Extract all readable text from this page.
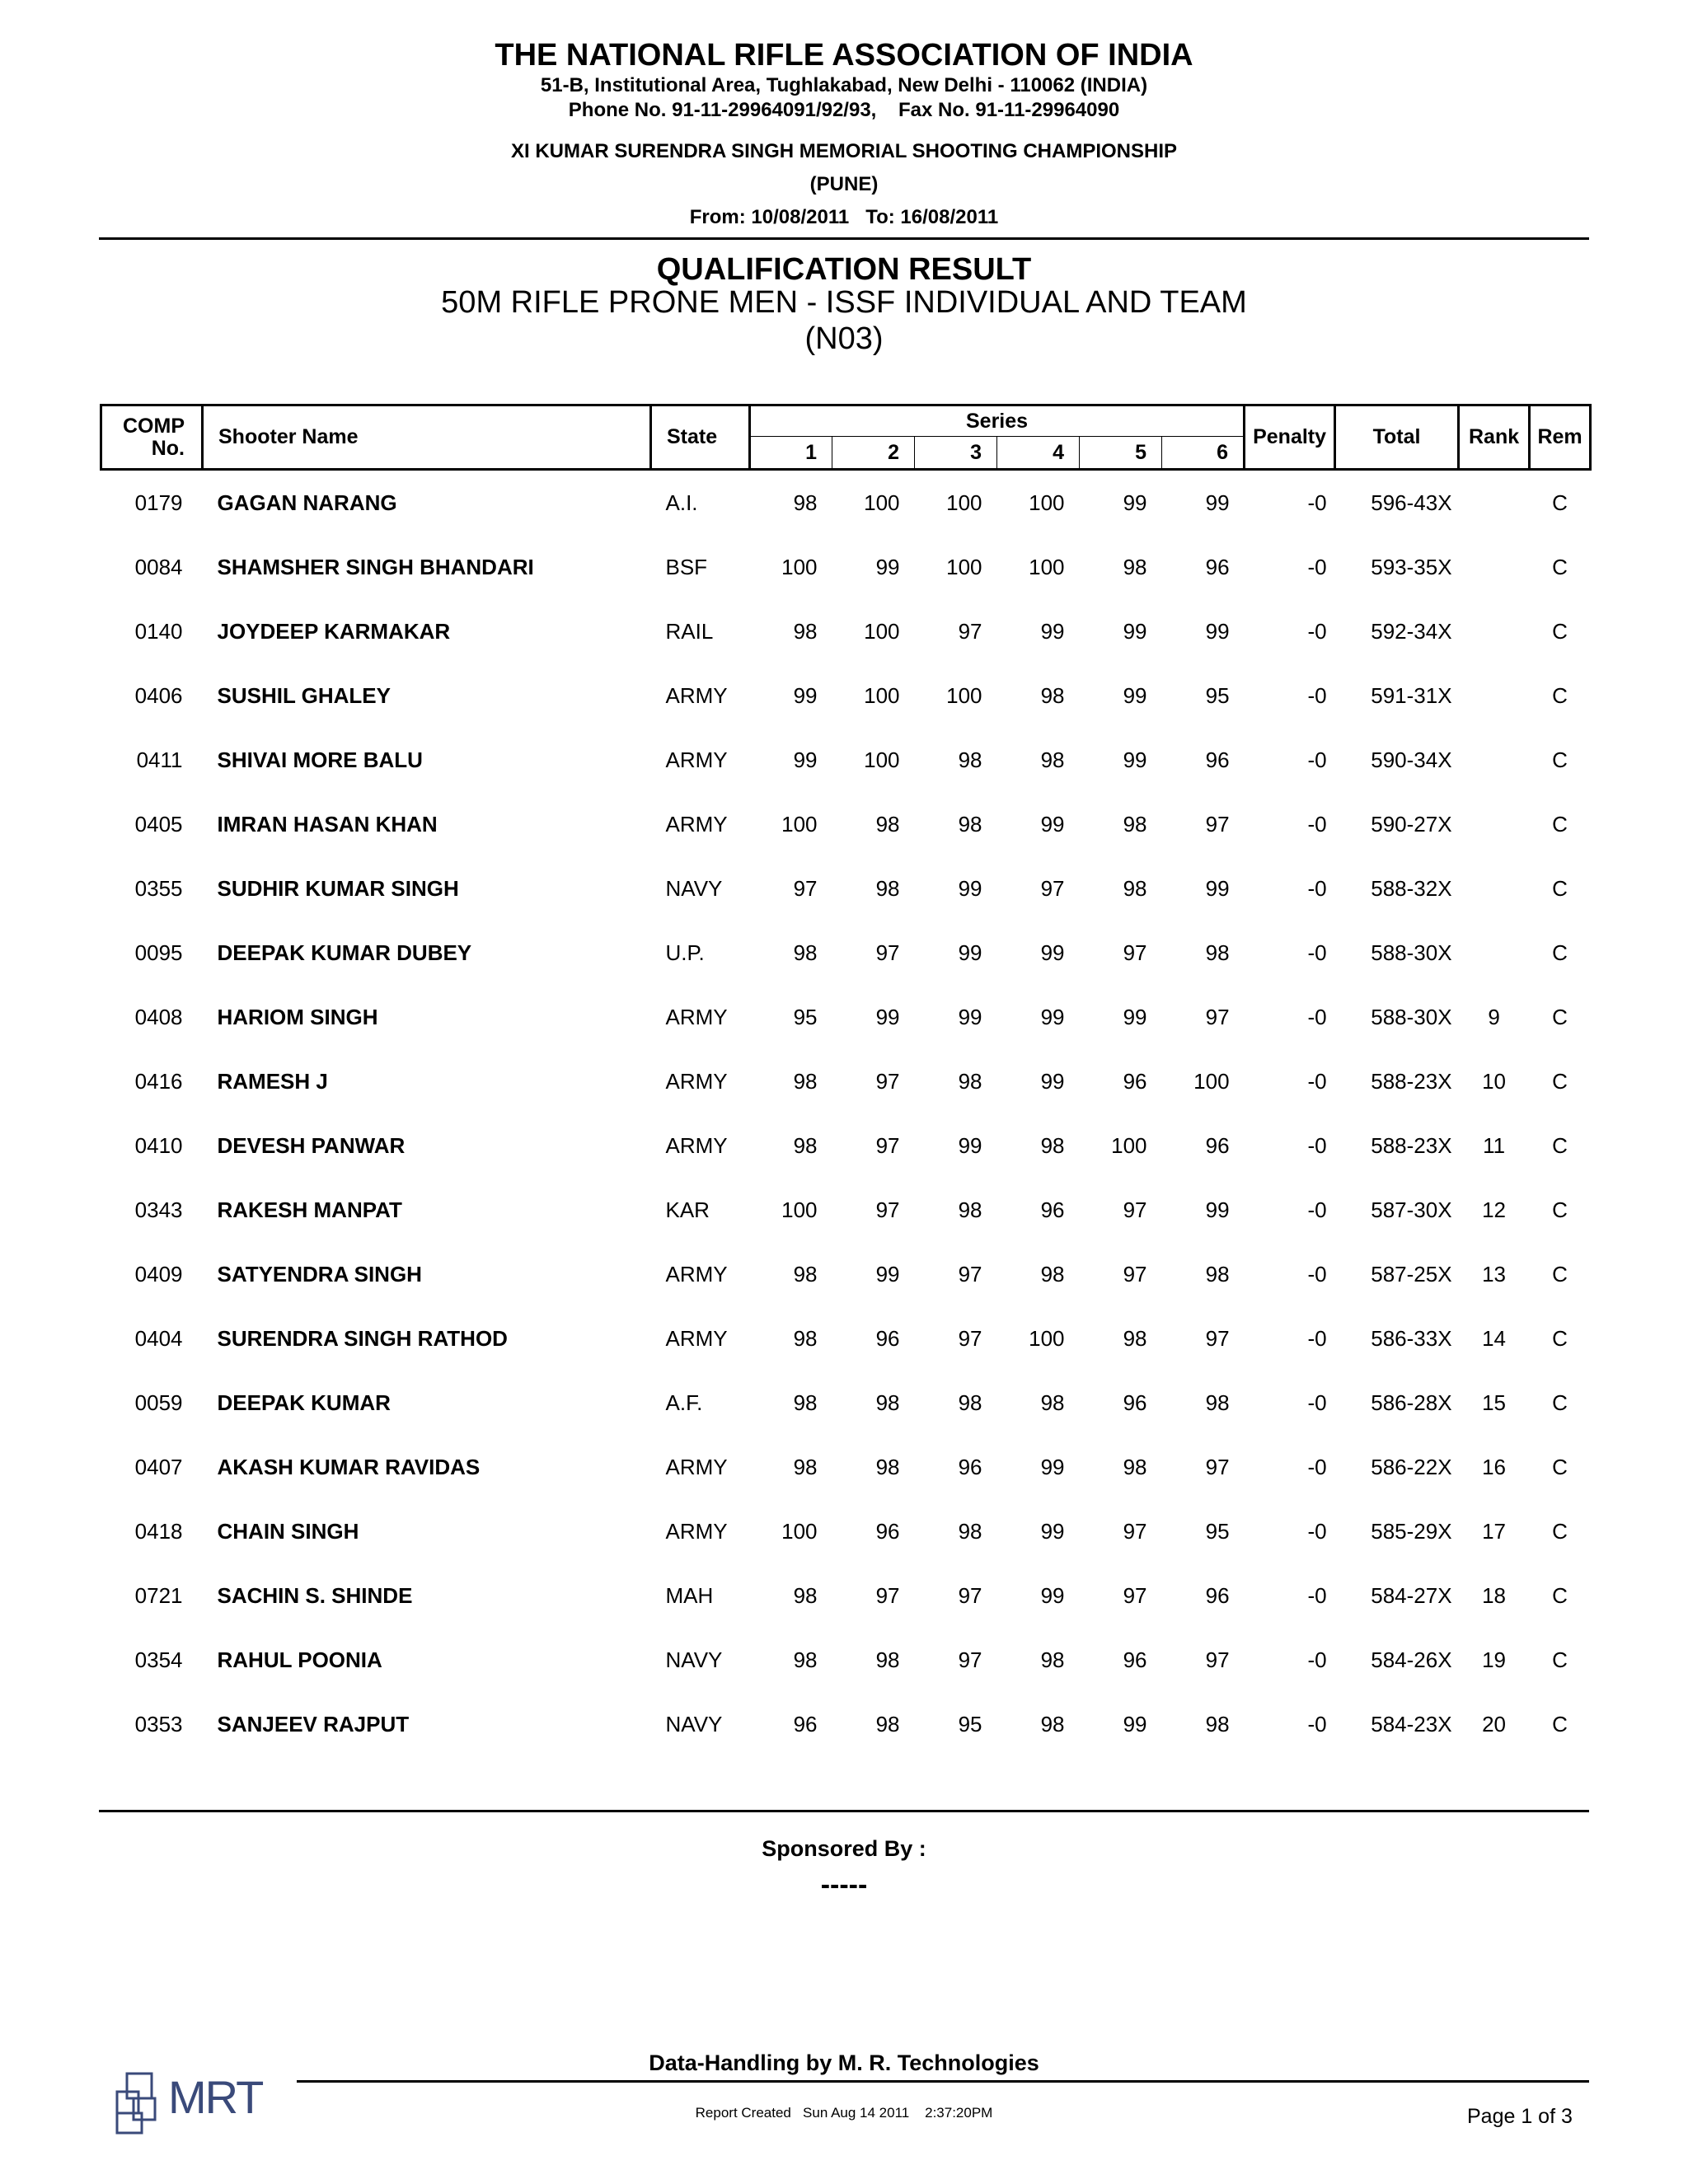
THE NATIONAL RIFLE ASSOCIATION OF INDIA
51-B, Institutional Area, Tughlakabad, New Delhi - 110062 (INDIA)
Phone No. 91-11-29964091/92/93,    Fax No. 91-11-29964090
XI KUMAR SURENDRA SINGH MEMORIAL SHOOTING CHAMPIONSHIP
(PUNE)
From: 10/08/2011   To: 16/08/2011
QUALIFICATION RESULT
50M RIFLE PRONE MEN - ISSF INDIVIDUAL AND TEAM
(N03)
COMP
No.	Shooter Name	State	Series						Penalty	Total	Rank	Rem
			1	2	3	4	5	6				
0179	GAGAN NARANG	A.I.	98	100	100	100	99	99	-0	596-43X		C
0084	SHAMSHER SINGH BHANDARI	BSF	100	99	100	100	98	96	-0	593-35X		C
0140	JOYDEEP KARMAKAR	RAIL	98	100	97	99	99	99	-0	592-34X		C
0406	SUSHIL GHALEY	ARMY	99	100	100	98	99	95	-0	591-31X		C
0411	SHIVAI MORE BALU	ARMY	99	100	98	98	99	96	-0	590-34X		C
0405	IMRAN HASAN KHAN	ARMY	100	98	98	99	98	97	-0	590-27X		C
0355	SUDHIR KUMAR SINGH	NAVY	97	98	99	97	98	99	-0	588-32X		C
0095	DEEPAK KUMAR DUBEY	U.P.	98	97	99	99	97	98	-0	588-30X		C
0408	HARIOM SINGH	ARMY	95	99	99	99	99	97	-0	588-30X	9	C
0416	RAMESH J	ARMY	98	97	98	99	96	100	-0	588-23X	10	C
0410	DEVESH PANWAR	ARMY	98	97	99	98	100	96	-0	588-23X	11	C
0343	RAKESH MANPAT	KAR	100	97	98	96	97	99	-0	587-30X	12	C
0409	SATYENDRA SINGH	ARMY	98	99	97	98	97	98	-0	587-25X	13	C
0404	SURENDRA SINGH RATHOD	ARMY	98	96	97	100	98	97	-0	586-33X	14	C
0059	DEEPAK KUMAR	A.F.	98	98	98	98	96	98	-0	586-28X	15	C
0407	AKASH KUMAR RAVIDAS	ARMY	98	98	96	99	98	97	-0	586-22X	16	C
0418	CHAIN SINGH	ARMY	100	96	98	99	97	95	-0	585-29X	17	C
0721	SACHIN S. SHINDE	MAH	98	97	97	99	97	96	-0	584-27X	18	C
0354	RAHUL POONIA	NAVY	98	98	97	98	96	97	-0	584-26X	19	C
0353	SANJEEV RAJPUT	NAVY	96	98	95	98	99	98	-0	584-23X	20	C
Sponsored By :
-----
Data-Handling by M. R. Technologies
MRT	Report Created   Sun Aug 14 2011    2:37:20PM	Page 1 of 3
